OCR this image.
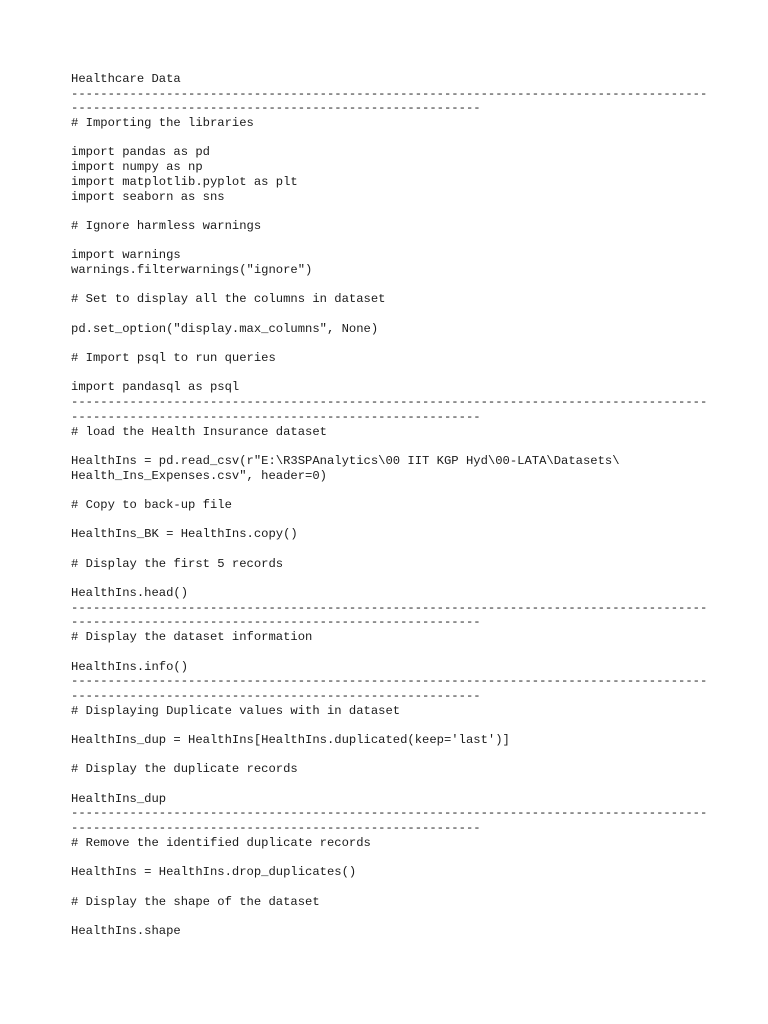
Healthcare Data
---------------------------------------------------------------------------------------
--------------------------------------------------------
# Importing the libraries
import pandas as pd
import numpy as np
import matplotlib.pyplot as plt
import seaborn as sns
# Ignore harmless warnings
import warnings
warnings.filterwarnings("ignore")
# Set to display all the columns in dataset
pd.set_option("display.max_columns", None)
# Import psql to run queries
import pandasql as psql
---------------------------------------------------------------------------------------
--------------------------------------------------------
# load the Health Insurance dataset
HealthIns = pd.read_csv(r"E:\R3SPAnalytics\00 IIT KGP Hyd\00-LATA\Datasets\
Health_Ins_Expenses.csv", header=0)
# Copy to back-up file
HealthIns_BK = HealthIns.copy()
# Display the first 5 records
HealthIns.head()
---------------------------------------------------------------------------------------
--------------------------------------------------------
# Display the dataset information
HealthIns.info()
---------------------------------------------------------------------------------------
--------------------------------------------------------
# Displaying Duplicate values with in dataset
HealthIns_dup = HealthIns[HealthIns.duplicated(keep='last')]
# Display the duplicate records
HealthIns_dup
---------------------------------------------------------------------------------------
--------------------------------------------------------
# Remove the identified duplicate records
HealthIns = HealthIns.drop_duplicates()
# Display the shape of the dataset
HealthIns.shape
